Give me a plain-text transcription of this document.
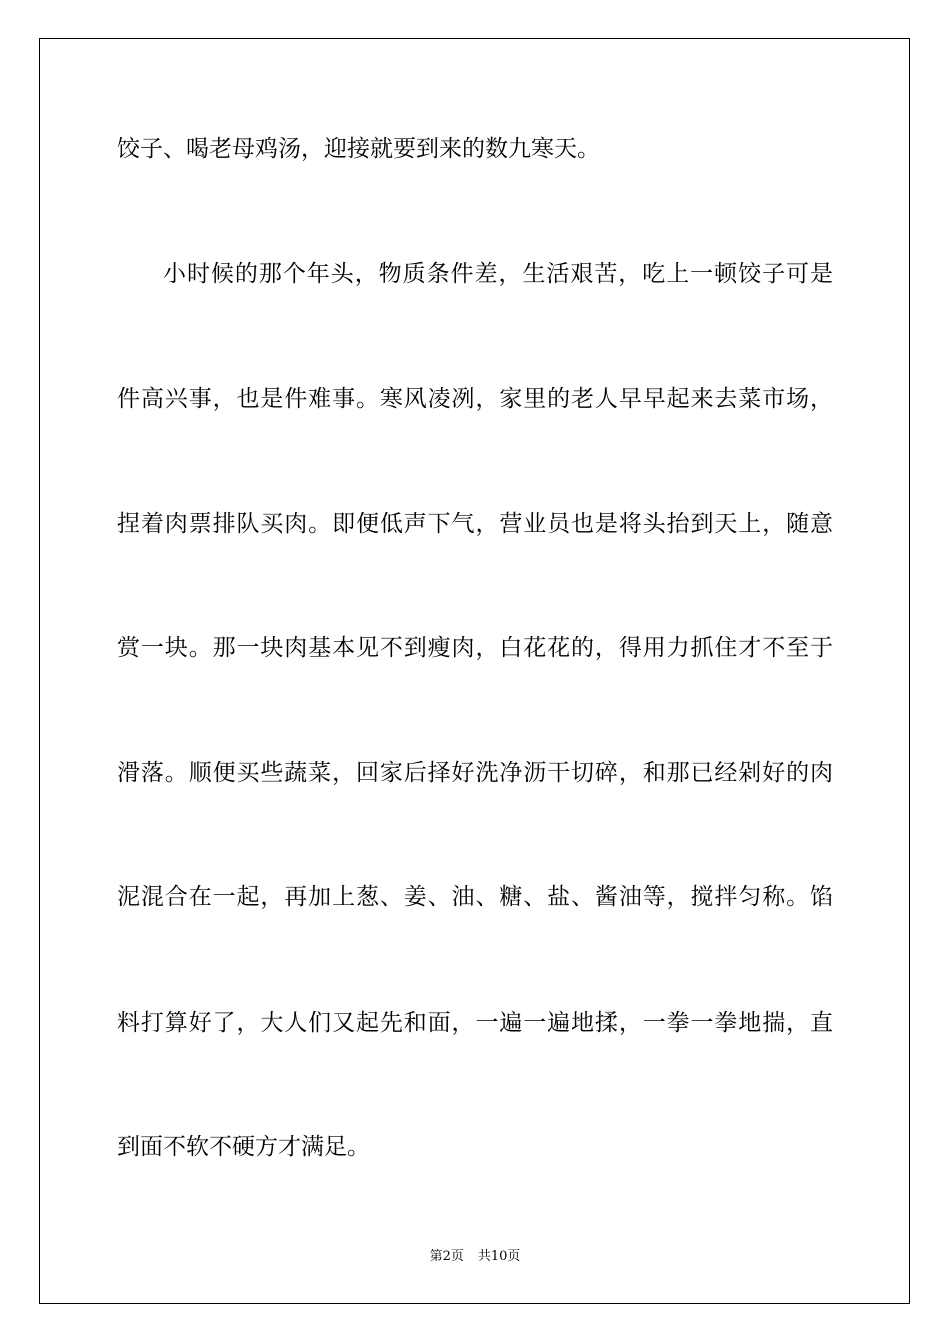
饺子、喝老母鸡汤，迎接就要到来的数九寒天。
小时候的那个年头，物质条件差，生活艰苦，吃上一顿饺子可是
件高兴事，也是件难事。寒风凌冽，家里的老人早早起来去菜市场，
捏着肉票排队买肉。即便低声下气，营业员也是将头抬到天上，随意
赏一块。那一块肉基本见不到瘦肉，白花花的，得用力抓住才不至于
滑落。顺便买些蔬菜，回家后择好洗净沥干切碎，和那已经剁好的肉
泥混合在一起，再加上葱、姜、油、糖、盐、酱油等，搅拌匀称。馅
料打算好了，大人们又起先和面，一遍一遍地揉，一拳一拳地揣，直
到面不软不硬方才满足。
第2页 共10页
